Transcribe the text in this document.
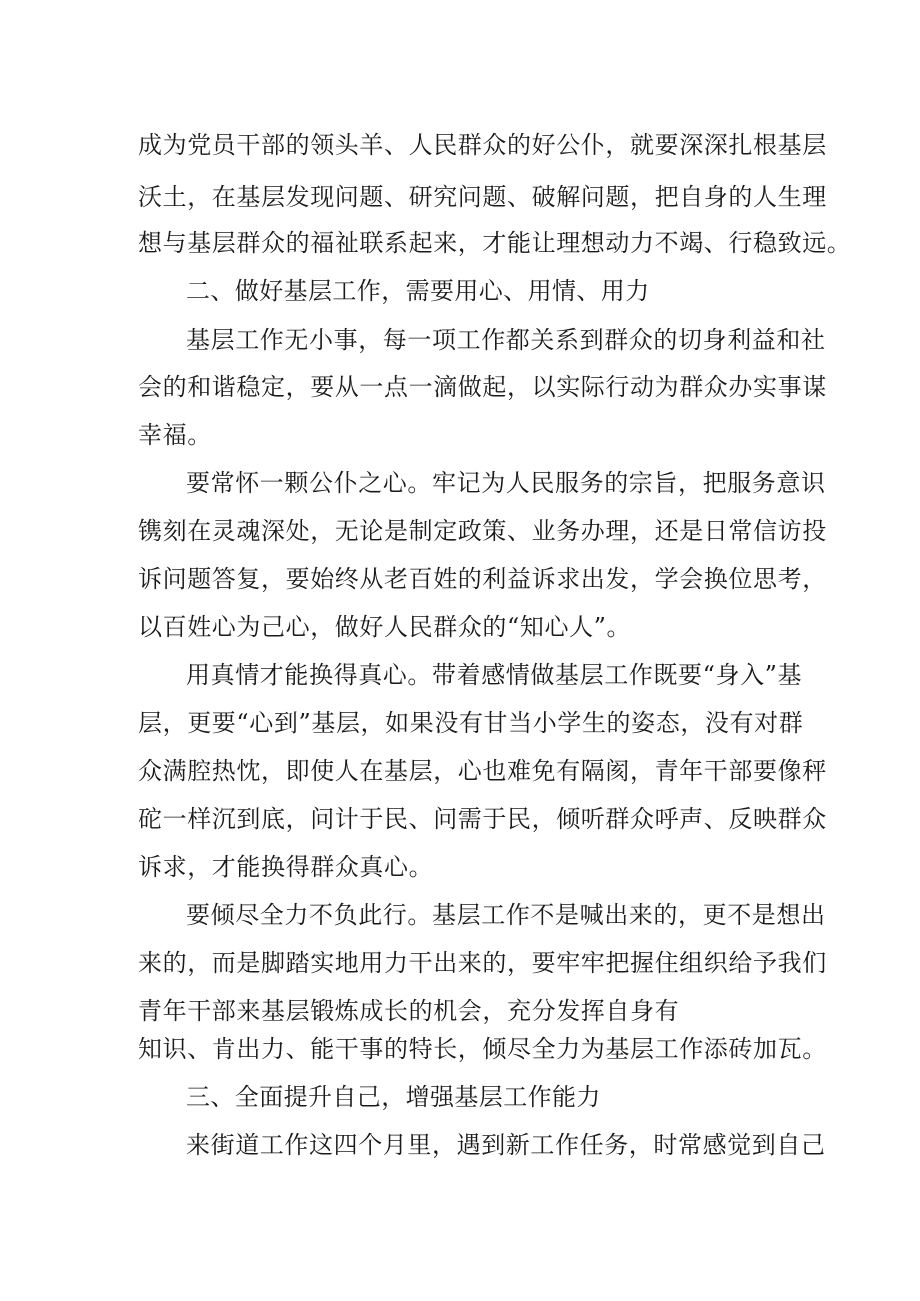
成为党员干部的领头羊、人民群众的好公仆，就要深深扎根基层
沃土，在基层发现问题、研究问题、破解问题，把自身的人生理
想与基层群众的福祉联系起来，才能让理想动力不竭、行稳致远。
二、做好基层工作，需要用心、用情、用力
基层工作无小事，每一项工作都关系到群众的切身利益和社
会的和谐稳定，要从一点一滴做起，以实际行动为群众办实事谋
幸福。
要常怀一颗公仆之心。牢记为人民服务的宗旨，把服务意识
镌刻在灵魂深处，无论是制定政策、业务办理，还是日常信访投
诉问题答复，要始终从老百姓的利益诉求出发，学会换位思考，
以百姓心为己心，做好人民群众的“知心人”。
用真情才能换得真心。带着感情做基层工作既要“身入”基
层，更要“心到”基层，如果没有甘当小学生的姿态，没有对群
众满腔热忱，即使人在基层，心也难免有隔阂，青年干部要像秤
砣一样沉到底，问计于民、问需于民，倾听群众呼声、反映群众
诉求，才能换得群众真心。
要倾尽全力不负此行。基层工作不是喊出来的，更不是想出
来的，而是脚踏实地用力干出来的，要牢牢把握住组织给予我们
青年干部来基层锻炼成长的机会，充分发挥自身有
知识、肯出力、能干事的特长，倾尽全力为基层工作添砖加瓦。
三、全面提升自己，增强基层工作能力
来街道工作这四个月里，遇到新工作任务，时常感觉到自己
